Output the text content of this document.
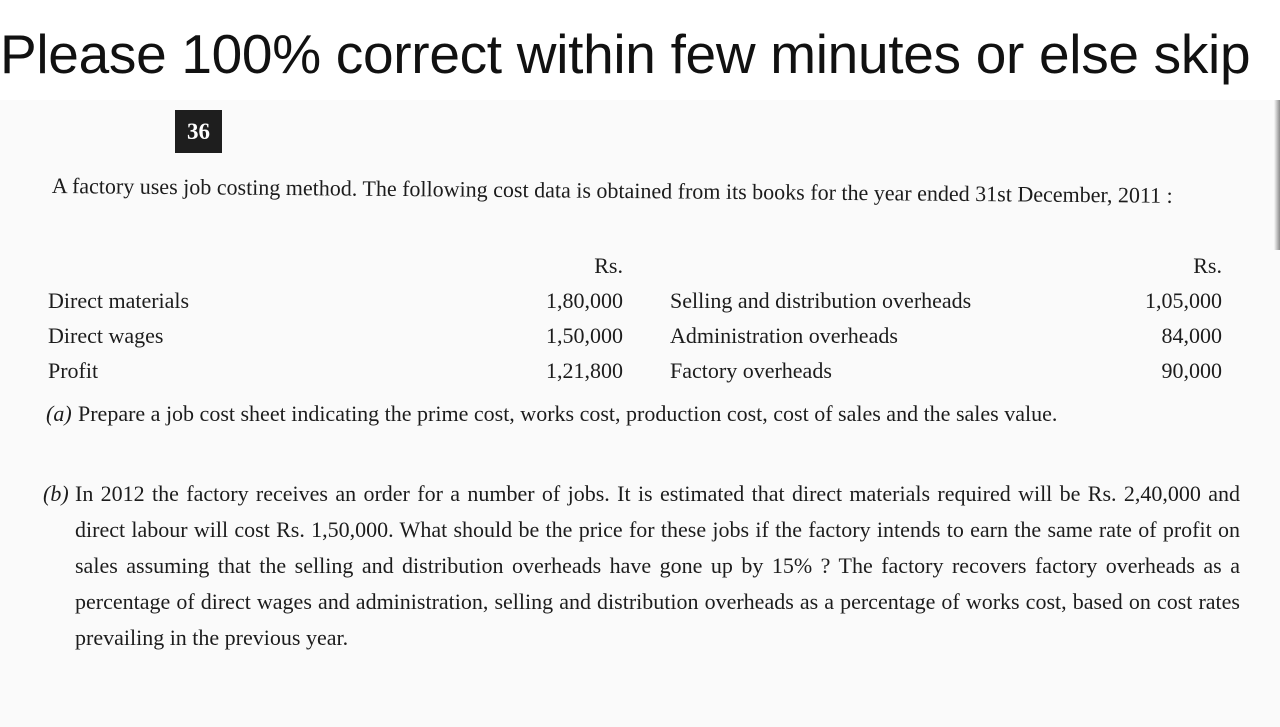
Please 100% correct within few minutes or else skip
36
A factory uses job costing method. The following cost data is obtained from its books for the year ended 31st December, 2011 :
Rs.	Rs.
Direct materials	1,80,000 Selling and distribution overheads	1,05,000
Direct wages	1,50,000 Administration overheads	84,000
Profit	1,21,800 Factory overheads	90,000
(a) Prepare a job cost sheet indicating the prime cost, works cost, production cost, cost of sales and the sales value.
(b) In 2012 the factory receives an order for a number of jobs. It is estimated that direct materials required will be Rs. 2,40,000 and direct labour will cost Rs. 1,50,000. What should be the price for these jobs if the factory intends to earn the same rate of profit on sales assuming that the selling and distribution overheads have gone up by 15% ? The factory recovers factory overheads as a percentage of direct wages and administration, selling and distribution overheads as a percentage of works cost, based on cost rates prevailing in the previous year.
